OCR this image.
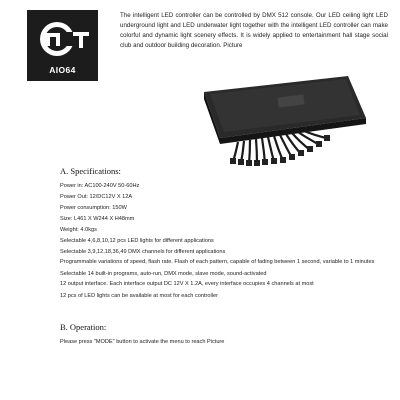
AIO64
The intelligent LED controller can be controlled by DMX 512 console. Our LED ceiling light LED underground light and LED underwater light together with the intelligent LED controller can make colorful and dynamic light scenery effects. It is widely applied to entertainment hall stage social club and outdoor building decoration. Picture
A. Specifications:
Power in: AC100-240V 50-60Hz
Power Out: 12/DC12V X 12A
Power consumption: 150W
Size: L461 X W244 X H48mm
Weight: 4.0kgs
Selectable 4,6,8,10,12 pcs LED lights for different applications
Selectable 3,9,12,18,36,49 DMX channels for different applications
Programmable variations of speed, flash rate. Flash of each pattern, capable of fading between 1 second, variable to 1 minutes
Selectable 14 built-in programs, auto-run, DMX mode, slave mode, sound-activated
12 output interface. Each interface output DC 12V X 1.2A, every interface occupies 4 channels at most
12 pcs of LED lights can be available at most for each controller
B. Operation:
Please press "MODE" button to activate the menu to reach Picture
